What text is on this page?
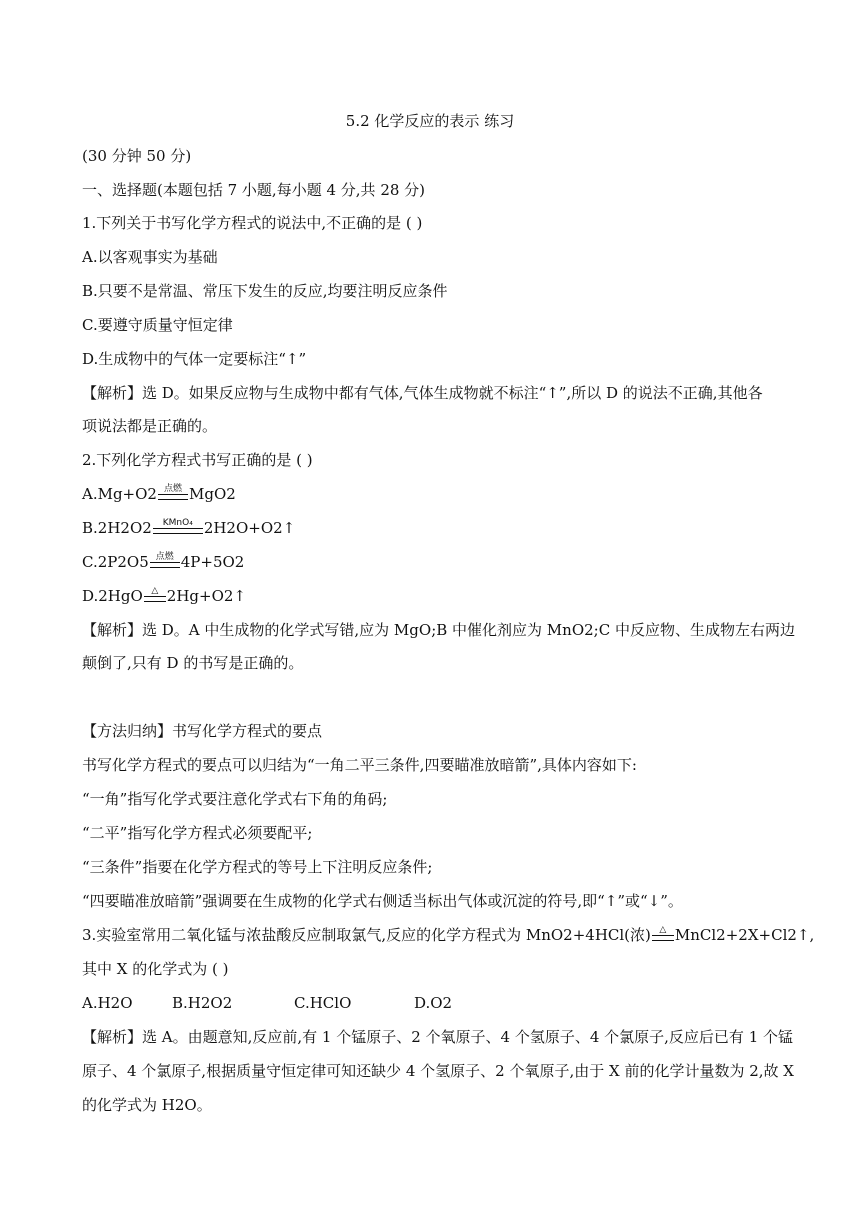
5.2 化学反应的表示 练习
(30 分钟 50 分)
一、选择题(本题包括 7 小题,每小题 4 分,共 28 分)
1.下列关于书写化学方程式的说法中,不正确的是 ( )
A.以客观事实为基础
B.只要不是常温、常压下发生的反应,均要注明反应条件
C.要遵守质量守恒定律
D.生成物中的气体一定要标注“↑”
【解析】选 D。如果反应物与生成物中都有气体,气体生成物就不标注“↑”,所以 D 的说法不正确,其他各
项说法都是正确的。
2.下列化学方程式书写正确的是 ( )
A.Mg+O2 点燃 MgO2
B.2H2O2 KMnO₄ 2H2O+O2↑
C.2P2O5 点燃 4P+5O2
D.2HgO △ 2Hg+O2↑
【解析】选 D。A 中生成物的化学式写错,应为 MgO;B 中催化剂应为 MnO2;C 中反应物、生成物左右两边
颠倒了,只有 D 的书写是正确的。
【方法归纳】书写化学方程式的要点
书写化学方程式的要点可以归结为“一角二平三条件,四要瞄准放暗箭”,具体内容如下:
“一角”指写化学式要注意化学式右下角的角码;
“二平”指写化学方程式必须要配平;
“三条件”指要在化学方程式的等号上下注明反应条件;
“四要瞄准放暗箭”强调要在生成物的化学式右侧适当标出气体或沉淀的符号,即“↑”或“↓”。
3.实验室常用二氧化锰与浓盐酸反应制取氯气,反应的化学方程式为 MnO2+4HCl(浓) △ MnCl2+2X+Cl2↑,
其中 X 的化学式为 ( )
A.H2O	B.H2O2	C.HClO	D.O2
【解析】选 A。由题意知,反应前,有 1 个锰原子、2 个氧原子、4 个氢原子、4 个氯原子,反应后已有 1 个锰
原子、4 个氯原子,根据质量守恒定律可知还缺少 4 个氢原子、2 个氧原子,由于 X 前的化学计量数为 2,故 X
的化学式为 H2O。
